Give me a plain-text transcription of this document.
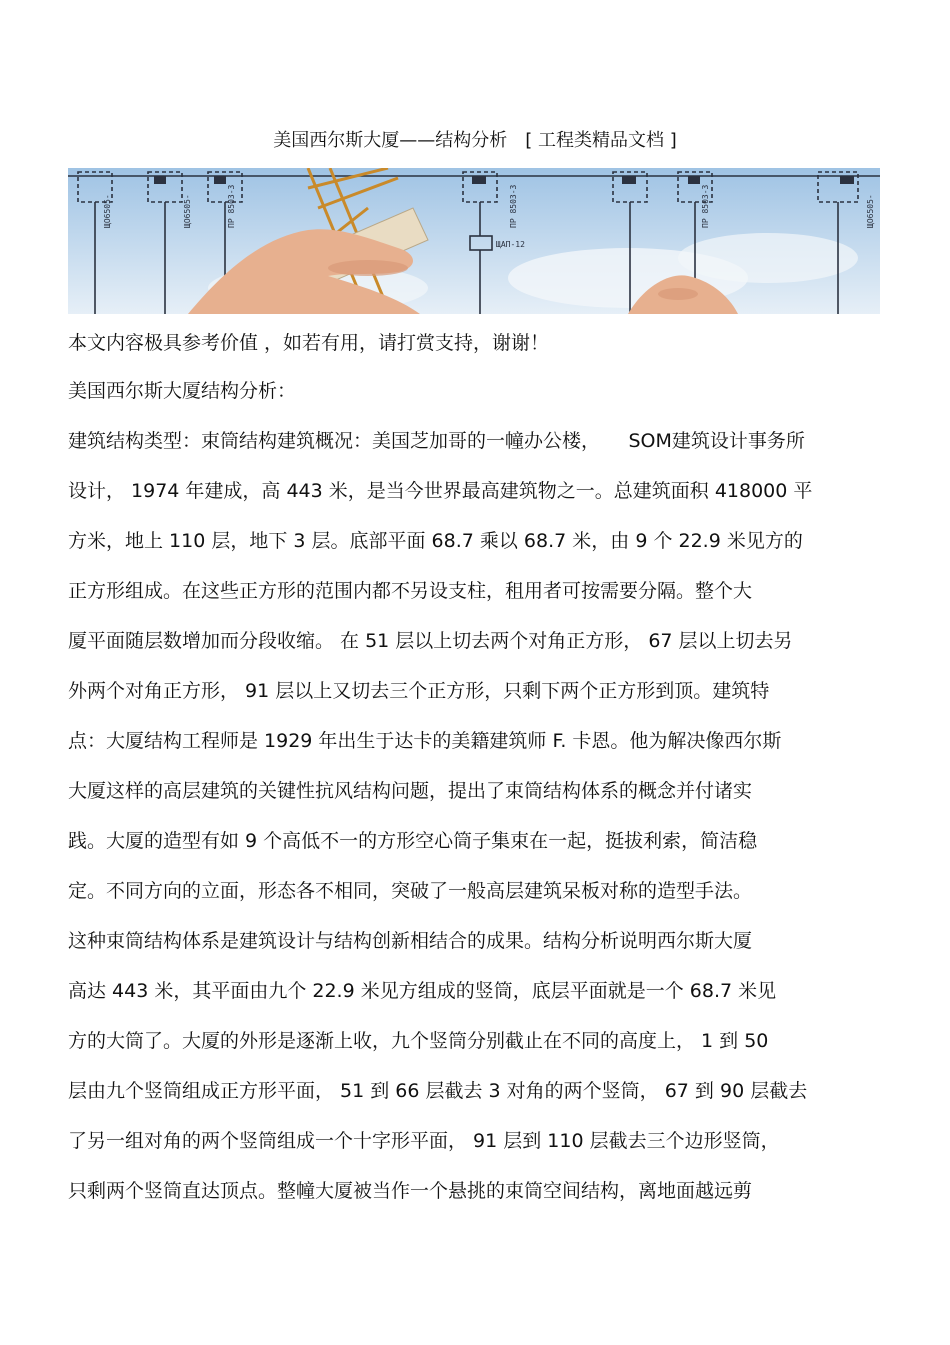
美国西尔斯大厦——结构分析　[ 工程类精品文档 ]
ЩО6505-	ЩО6505-	ПР 8503-3	ПР 8503-3	ПР 8503-3	ЩО6505-
ЩАП-12

本文内容极具参考价值 ，如若有用，请打赏支持，谢谢！

美国西尔斯大厦结构分析：

建筑结构类型：束筒结构建筑概况：美国芝加哥的一幢办公楼，　　SOM建筑设计事务所
设计， 1974 年建成，高 443 米，是当今世界最高建筑物之一。总建筑面积 418000 平
方米，地上 110 层，地下 3 层。底部平面 68.7 乘以 68.7 米，由 9 个 22.9 米见方的
正方形组成。在这些正方形的范围内都不另设支柱，租用者可按需要分隔。整个大
厦平面随层数增加而分段收缩。 在 51 层以上切去两个对角正方形， 67 层以上切去另
外两个对角正方形， 91 层以上又切去三个正方形，只剩下两个正方形到顶。建筑特
点：大厦结构工程师是 1929 年出生于达卡的美籍建筑师 F. 卡恩。他为解决像西尔斯
大厦这样的高层建筑的关键性抗风结构问题，提出了束筒结构体系的概念并付诸实
践。大厦的造型有如 9 个高低不一的方形空心筒子集束在一起，挺拔利索，简洁稳
定。不同方向的立面，形态各不相同，突破了一般高层建筑呆板对称的造型手法。
这种束筒结构体系是建筑设计与结构创新相结合的成果。结构分析说明西尔斯大厦
高达 443 米，其平面由九个 22.9 米见方组成的竖筒，底层平面就是一个 68.7 米见
方的大筒了。大厦的外形是逐渐上收，九个竖筒分别截止在不同的高度上， 1 到 50
层由九个竖筒组成正方形平面， 51 到 66 层截去 3 对角的两个竖筒， 67 到 90 层截去
了另一组对角的两个竖筒组成一个十字形平面， 91 层到 110 层截去三个边形竖筒，
只剩两个竖筒直达顶点。整幢大厦被当作一个悬挑的束筒空间结构，离地面越远剪
